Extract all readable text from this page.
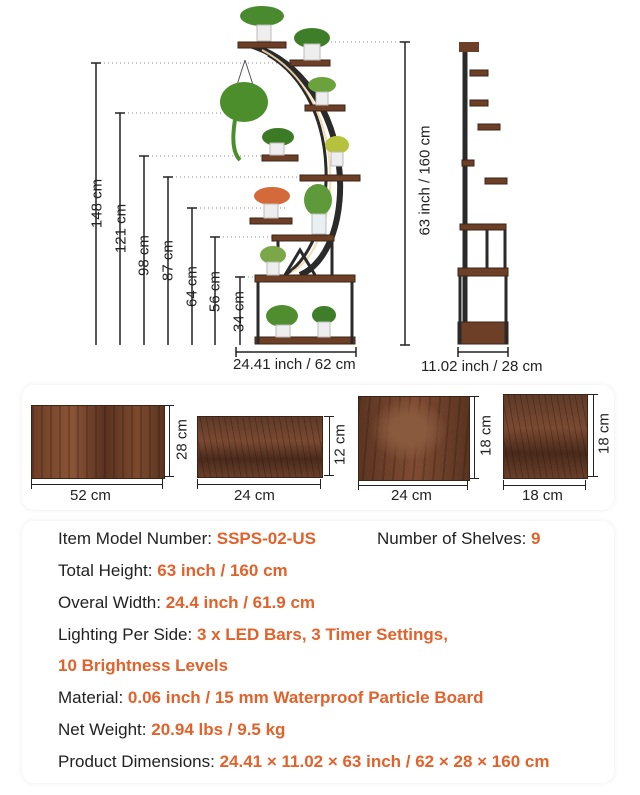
148 cm
121 cm
98 cm 87 cm
64 cm 56 cm 34 cm
63 inch / 160 cm
24.41 inch / 62 cm	11.02 inch / 28 cm
52 cm
28 cm
24 cm
12 cm
24 cm
18 cm
18 cm
18 cm
Item Model Number: SSPS-02-US	Number of Shelves: 9
Total Height: 63 inch / 160 cm
Overal Width: 24.4 inch / 61.9 cm
Lighting Per Side: 3 x LED Bars, 3 Timer Settings,
10 Brightness Levels
Material: 0.06 inch / 15 mm Waterproof Particle Board
Net Weight: 20.94 lbs / 9.5 kg
Product Dimensions: 24.41 × 11.02 × 63 inch / 62 × 28 × 160 cm
